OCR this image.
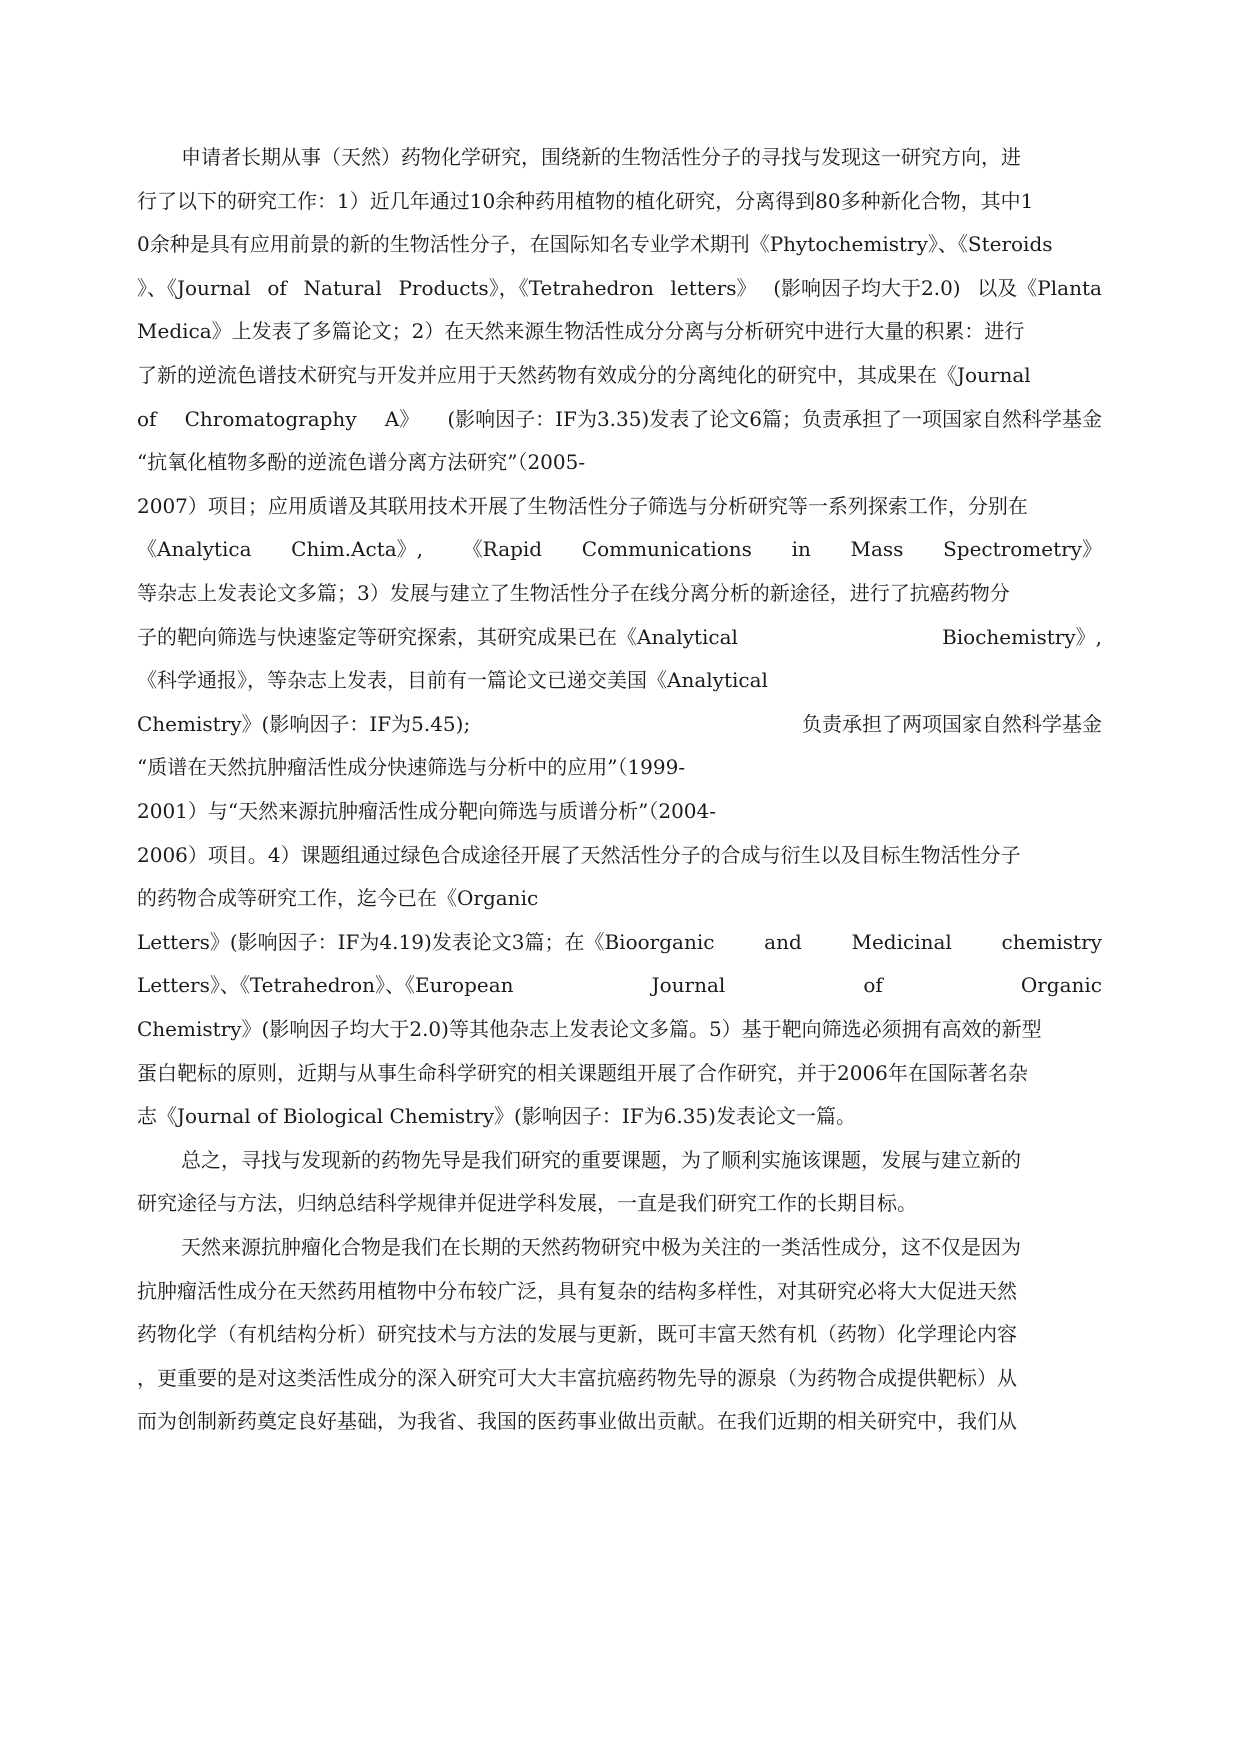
申请者长期从事（天然）药物化学研究，围绕新的生物活性分子的寻找与发现这一研究方向，进
行了以下的研究工作：1）近几年通过10余种药用植物的植化研究，分离得到80多种新化合物，其中1
0余种是具有应用前景的新的生物活性分子，在国际知名专业学术期刊《Phytochemistry》、《Steroids
》、《Journal of Natural Products》，《Tetrahedron letters》 (影响因子均大于2.0) 以及《Planta
Medica》上发表了多篇论文；2）在天然来源生物活性成分分离与分析研究中进行大量的积累：进行
了新的逆流色谱技术研究与开发并应用于天然药物有效成分的分离纯化的研究中，其成果在《Journal
of Chromatography A》 (影响因子：IF为3.35)发表了论文6篇；负责承担了一项国家自然科学基金
“抗氧化植物多酚的逆流色谱分离方法研究”（2005-
2007）项目；应用质谱及其联用技术开展了生物活性分子筛选与分析研究等一系列探索工作，分别在
《Analytica Chim.Acta》, 《Rapid Communications in Mass Spectrometry》
等杂志上发表论文多篇；3）发展与建立了生物活性分子在线分离分析的新途径，进行了抗癌药物分
子的靶向筛选与快速鉴定等研究探索，其研究成果已在《Analytical	Biochemistry》,
《科学通报》，等杂志上发表，目前有一篇论文已递交美国《Analytical
Chemistry》(影响因子：IF为5.45);	负责承担了两项国家自然科学基金
“质谱在天然抗肿瘤活性成分快速筛选与分析中的应用”（1999-
2001）与“天然来源抗肿瘤活性成分靶向筛选与质谱分析”（2004-
2006）项目。4）课题组通过绿色合成途径开展了天然活性分子的合成与衍生以及目标生物活性分子
的药物合成等研究工作，迄今已在《Organic
Letters》(影响因子：IF为4.19)发表论文3篇；在《Bioorganic and Medicinal chemistry
Letters》、《Tetrahedron》、《European	Journal	of	Organic
Chemistry》(影响因子均大于2.0)等其他杂志上发表论文多篇。5）基于靶向筛选必须拥有高效的新型
蛋白靶标的原则，近期与从事生命科学研究的相关课题组开展了合作研究，并于2006年在国际著名杂
志《Journal of Biological Chemistry》(影响因子：IF为6.35)发表论文一篇。
总之，寻找与发现新的药物先导是我们研究的重要课题，为了顺利实施该课题，发展与建立新的
研究途径与方法，归纳总结科学规律并促进学科发展，一直是我们研究工作的长期目标。
天然来源抗肿瘤化合物是我们在长期的天然药物研究中极为关注的一类活性成分，这不仅是因为
抗肿瘤活性成分在天然药用植物中分布较广泛，具有复杂的结构多样性，对其研究必将大大促进天然
药物化学（有机结构分析）研究技术与方法的发展与更新，既可丰富天然有机（药物）化学理论内容
，更重要的是对这类活性成分的深入研究可大大丰富抗癌药物先导的源泉（为药物合成提供靶标）从
而为创制新药奠定良好基础，为我省、我国的医药事业做出贡献。在我们近期的相关研究中，我们从
